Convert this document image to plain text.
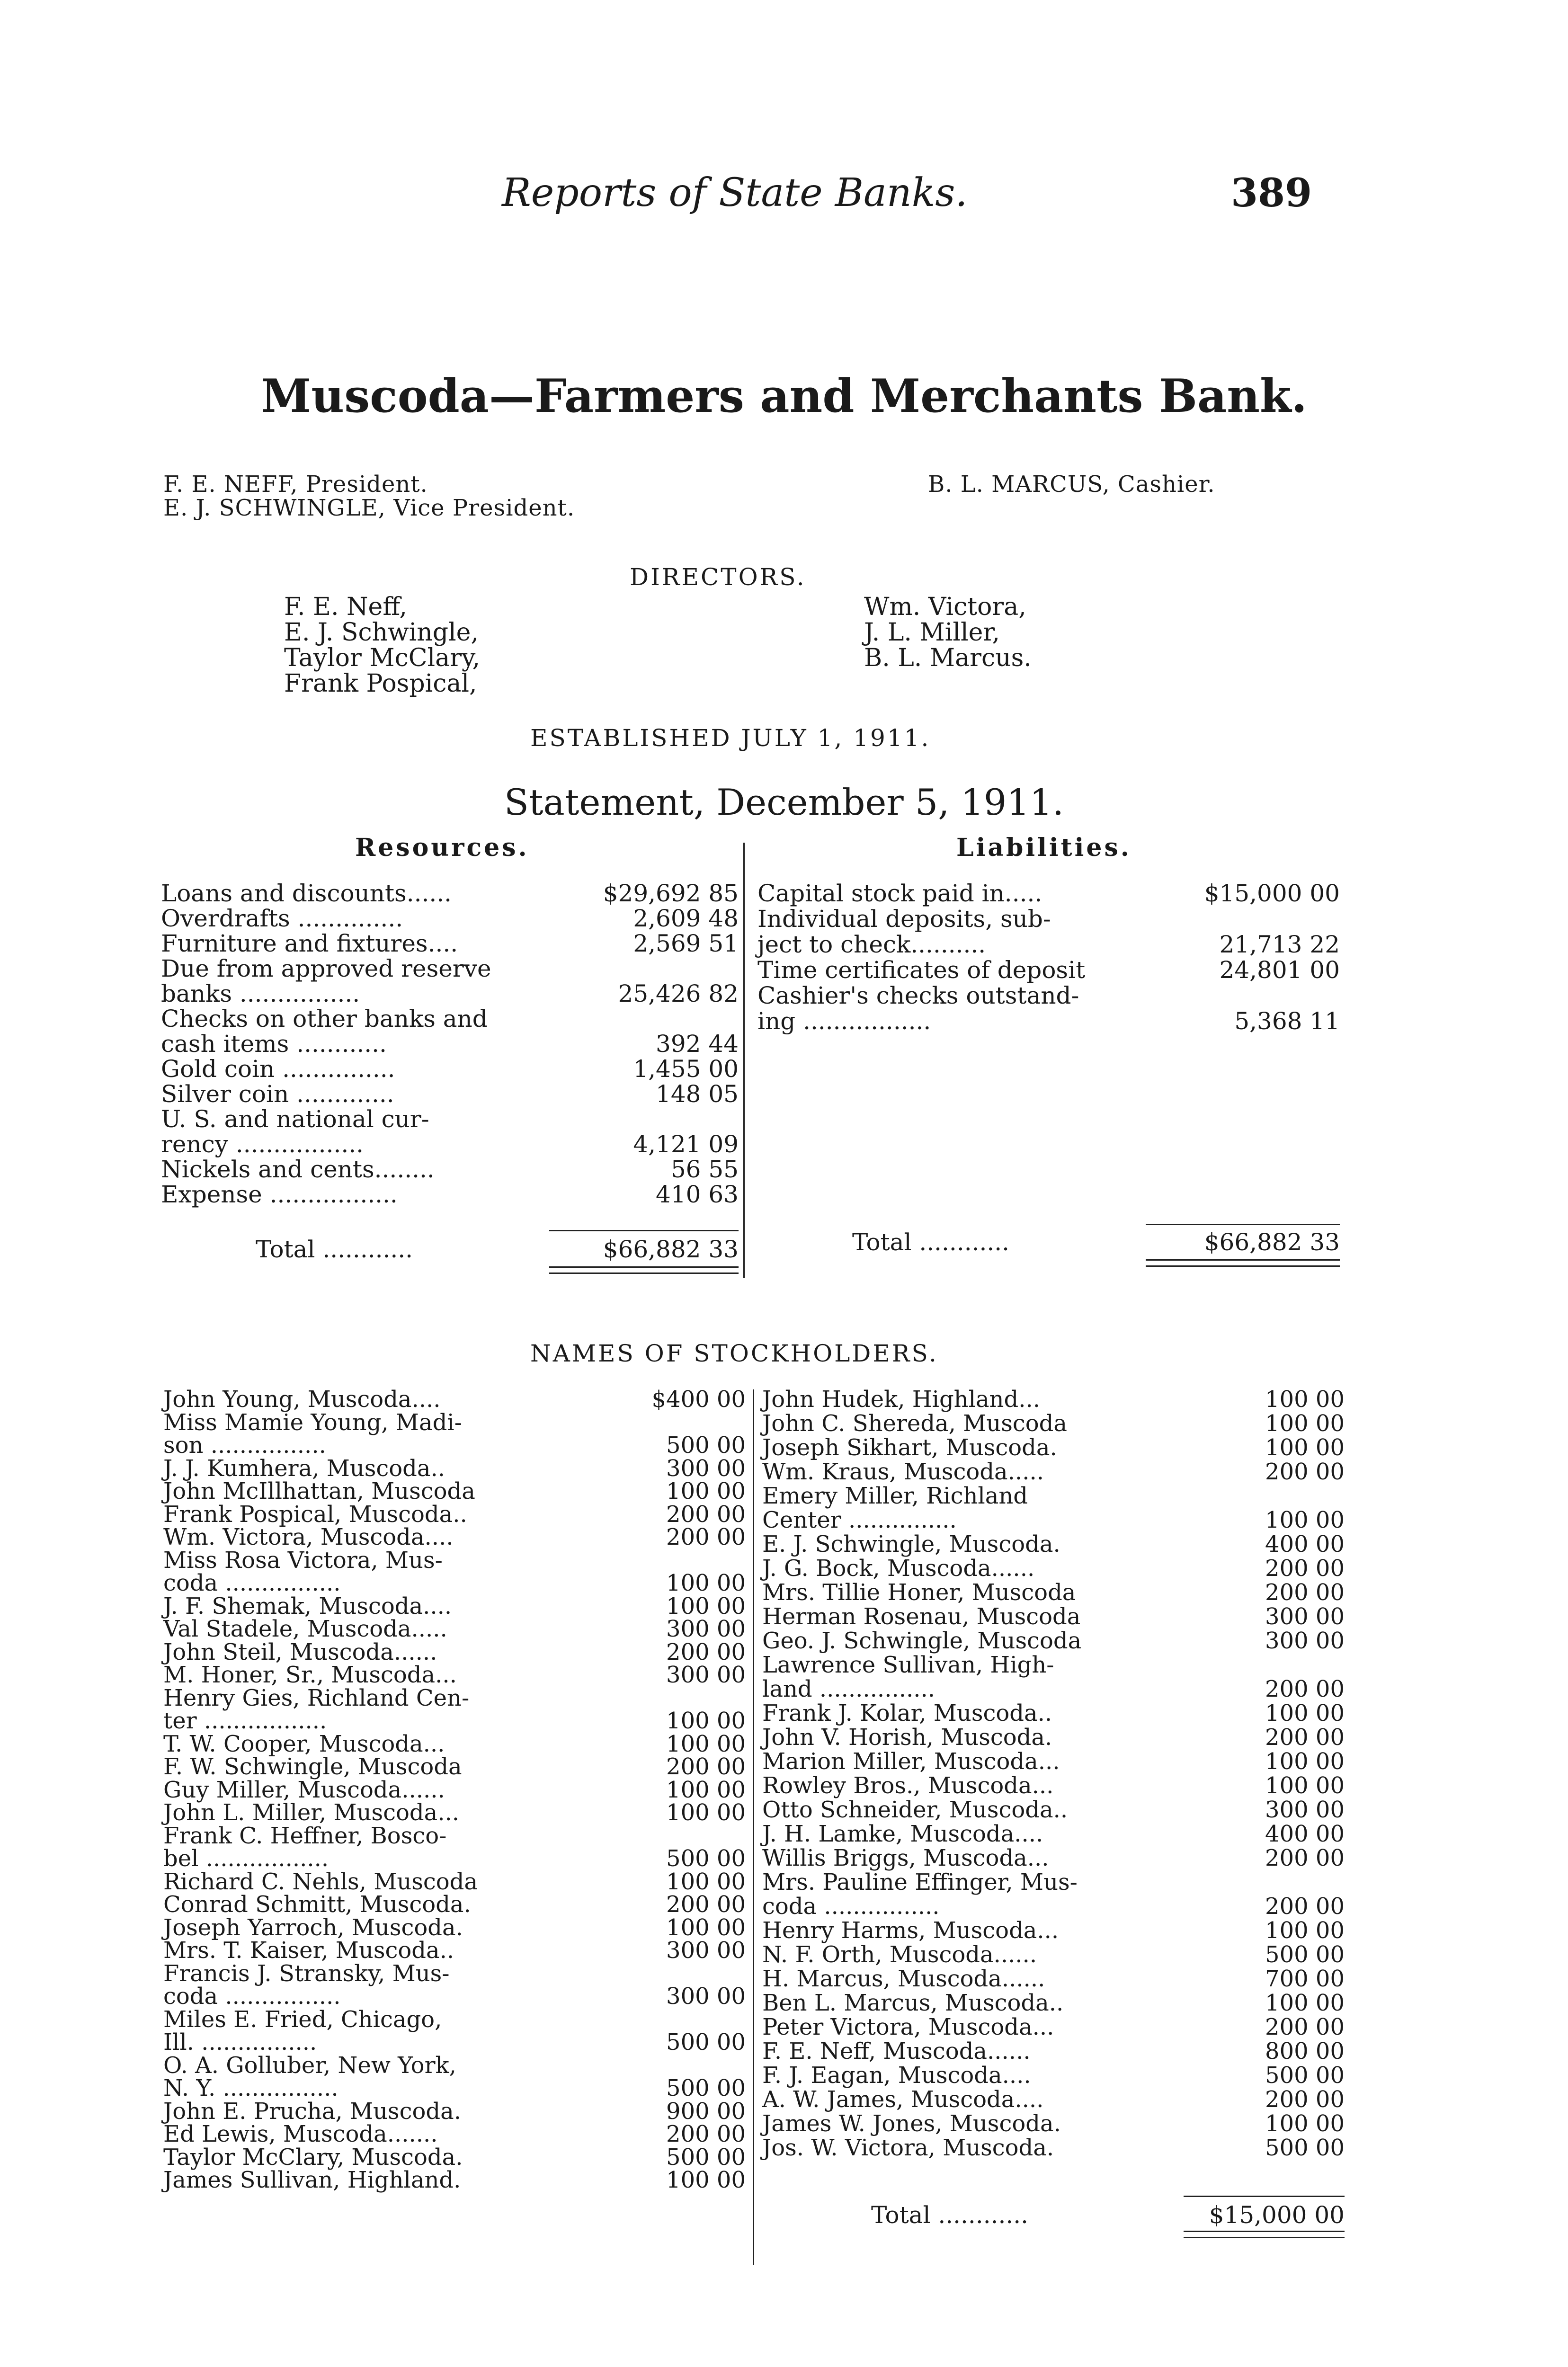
Reports of State Banks.	389
Muscoda—Farmers and Merchants Bank.
F. E. NEFF, President.
E. J. SCHWINGLE, Vice President.
B. L. MARCUS, Cashier.
DIRECTORS.
F. E. Neff,
E. J. Schwingle,
Taylor McClary,
Frank Pospical,
Wm. Victora,
J. L. Miller,
B. L. Marcus.
ESTABLISHED JULY 1, 1911.
Statement, December 5, 1911.
Resources.	Liabilities.
Loans and discounts......	$29,692 85
Overdrafts ..............	2,609 48
Furniture and fixtures....	2,569 51
Due from approved reserve
banks ................	25,426 82
Checks on other banks and
cash items ............	392 44
Gold coin ...............	1,455 00
Silver coin .............	148 05
U. S. and national cur-
rency .................	4,121 09
Nickels and cents........	56 55
Expense .................	410 63
Capital stock paid in.....	$15,000 00
Individual deposits, sub-
ject to check..........	21,713 22
Time certificates of deposit	24,801 00
Cashier's checks outstand-
ing .................	5,368 11
Total ............	$66,882 33	Total ............	$66,882 33
NAMES OF STOCKHOLDERS.
John Young, Muscoda....	$400 00
Miss Mamie Young, Madi-
son ................	500 00
J. J. Kumhera, Muscoda..	300 00
John McIllhattan, Muscoda	100 00
Frank Pospical, Muscoda..	200 00
Wm. Victora, Muscoda....	200 00
Miss Rosa Victora, Mus-
coda ................	100 00
J. F. Shemak, Muscoda....	100 00
Val Stadele, Muscoda.....	300 00
John Steil, Muscoda......	200 00
M. Honer, Sr., Muscoda...	300 00
Henry Gies, Richland Cen-
ter .................	100 00
T. W. Cooper, Muscoda...	100 00
F. W. Schwingle, Muscoda	200 00
Guy Miller, Muscoda......	100 00
John L. Miller, Muscoda...	100 00
Frank C. Heffner, Bosco-
bel .................	500 00
Richard C. Nehls, Muscoda	100 00
Conrad Schmitt, Muscoda.	200 00
Joseph Yarroch, Muscoda.	100 00
Mrs. T. Kaiser, Muscoda..	300 00
Francis J. Stransky, Mus-
coda ................	300 00
Miles E. Fried, Chicago,
Ill. ................	500 00
O. A. Golluber, New York,
N. Y. ................	500 00
John E. Prucha, Muscoda.	900 00
Ed Lewis, Muscoda.......	200 00
Taylor McClary, Muscoda.	500 00
James Sullivan, Highland.	100 00
John Hudek, Highland...	100 00
John C. Shereda, Muscoda	100 00
Joseph Sikhart, Muscoda.	100 00
Wm. Kraus, Muscoda.....	200 00
Emery Miller, Richland
Center ...............	100 00
E. J. Schwingle, Muscoda.	400 00
J. G. Bock, Muscoda......	200 00
Mrs. Tillie Honer, Muscoda	200 00
Herman Rosenau, Muscoda	300 00
Geo. J. Schwingle, Muscoda	300 00
Lawrence Sullivan, High-
land ................	200 00
Frank J. Kolar, Muscoda..	100 00
John V. Horish, Muscoda.	200 00
Marion Miller, Muscoda...	100 00
Rowley Bros., Muscoda...	100 00
Otto Schneider, Muscoda..	300 00
J. H. Lamke, Muscoda....	400 00
Willis Briggs, Muscoda...	200 00
Mrs. Pauline Effinger, Mus-
coda ................	200 00
Henry Harms, Muscoda...	100 00
N. F. Orth, Muscoda......	500 00
H. Marcus, Muscoda......	700 00
Ben L. Marcus, Muscoda..	100 00
Peter Victora, Muscoda...	200 00
F. E. Neff, Muscoda......	800 00
F. J. Eagan, Muscoda....	500 00
A. W. James, Muscoda....	200 00
James W. Jones, Muscoda.	100 00
Jos. W. Victora, Muscoda.	500 00
Total ............	$15,000 00
